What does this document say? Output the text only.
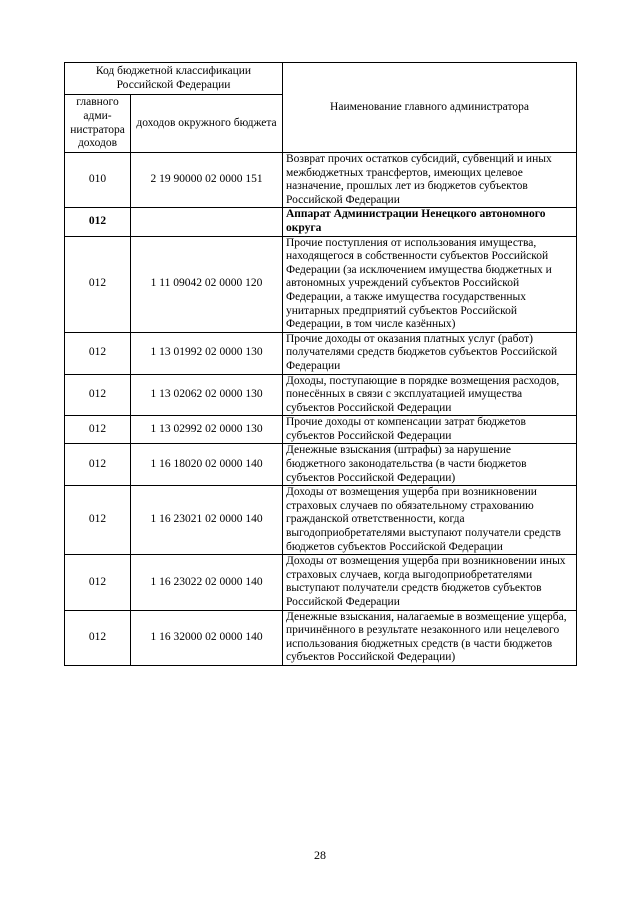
Код бюджетной классификации Российской Федерации		Наименование главного администратора
главного адми-нистратора доходов	доходов окружного бюджета	
010	2 19 90000 02 0000 151	Возврат прочих остатков субсидий, субвенций и иных межбюджетных трансфертов, имеющих целевое назначение, прошлых лет из бюджетов субъектов Российской Федерации
012		Аппарат Администрации Ненецкого автономного округа
012	1 11 09042 02 0000 120	Прочие поступления от использования имущества, находящегося в собственности субъектов Российской Федерации (за исключением имущества бюджетных и автономных учреждений субъектов Российской Федерации, а также имущества государственных унитарных предприятий субъектов Российской Федерации, в том числе казённых)
012	1 13 01992 02 0000 130	Прочие доходы от оказания платных услуг (работ) получателями средств бюджетов субъектов Российской Федерации
012	1 13 02062 02 0000 130	Доходы, поступающие в порядке возмещения расходов, понесённых в связи с эксплуатацией имущества субъектов Российской Федерации
012	1 13 02992 02 0000 130	Прочие доходы от компенсации затрат бюджетов субъектов Российской Федерации
012	1 16 18020 02 0000 140	Денежные взыскания (штрафы) за нарушение бюджетного законодательства (в части бюджетов субъектов Российской Федерации)
012	1 16 23021 02 0000 140	Доходы от возмещения ущерба при возникновении страховых случаев по обязательному страхованию гражданской ответственности, когда выгодоприобретателями выступают получатели средств бюджетов субъектов Российской Федерации
012	1 16 23022 02 0000 140	Доходы от возмещения ущерба при возникновении иных страховых случаев, когда выгодоприобретателями выступают получатели средств бюджетов субъектов Российской Федерации
012	1 16 32000 02 0000 140	Денежные взыскания, налагаемые в возмещение ущерба, причинённого в результате незаконного или нецелевого использования бюджетных средств (в части бюджетов субъектов Российской Федерации)
28
